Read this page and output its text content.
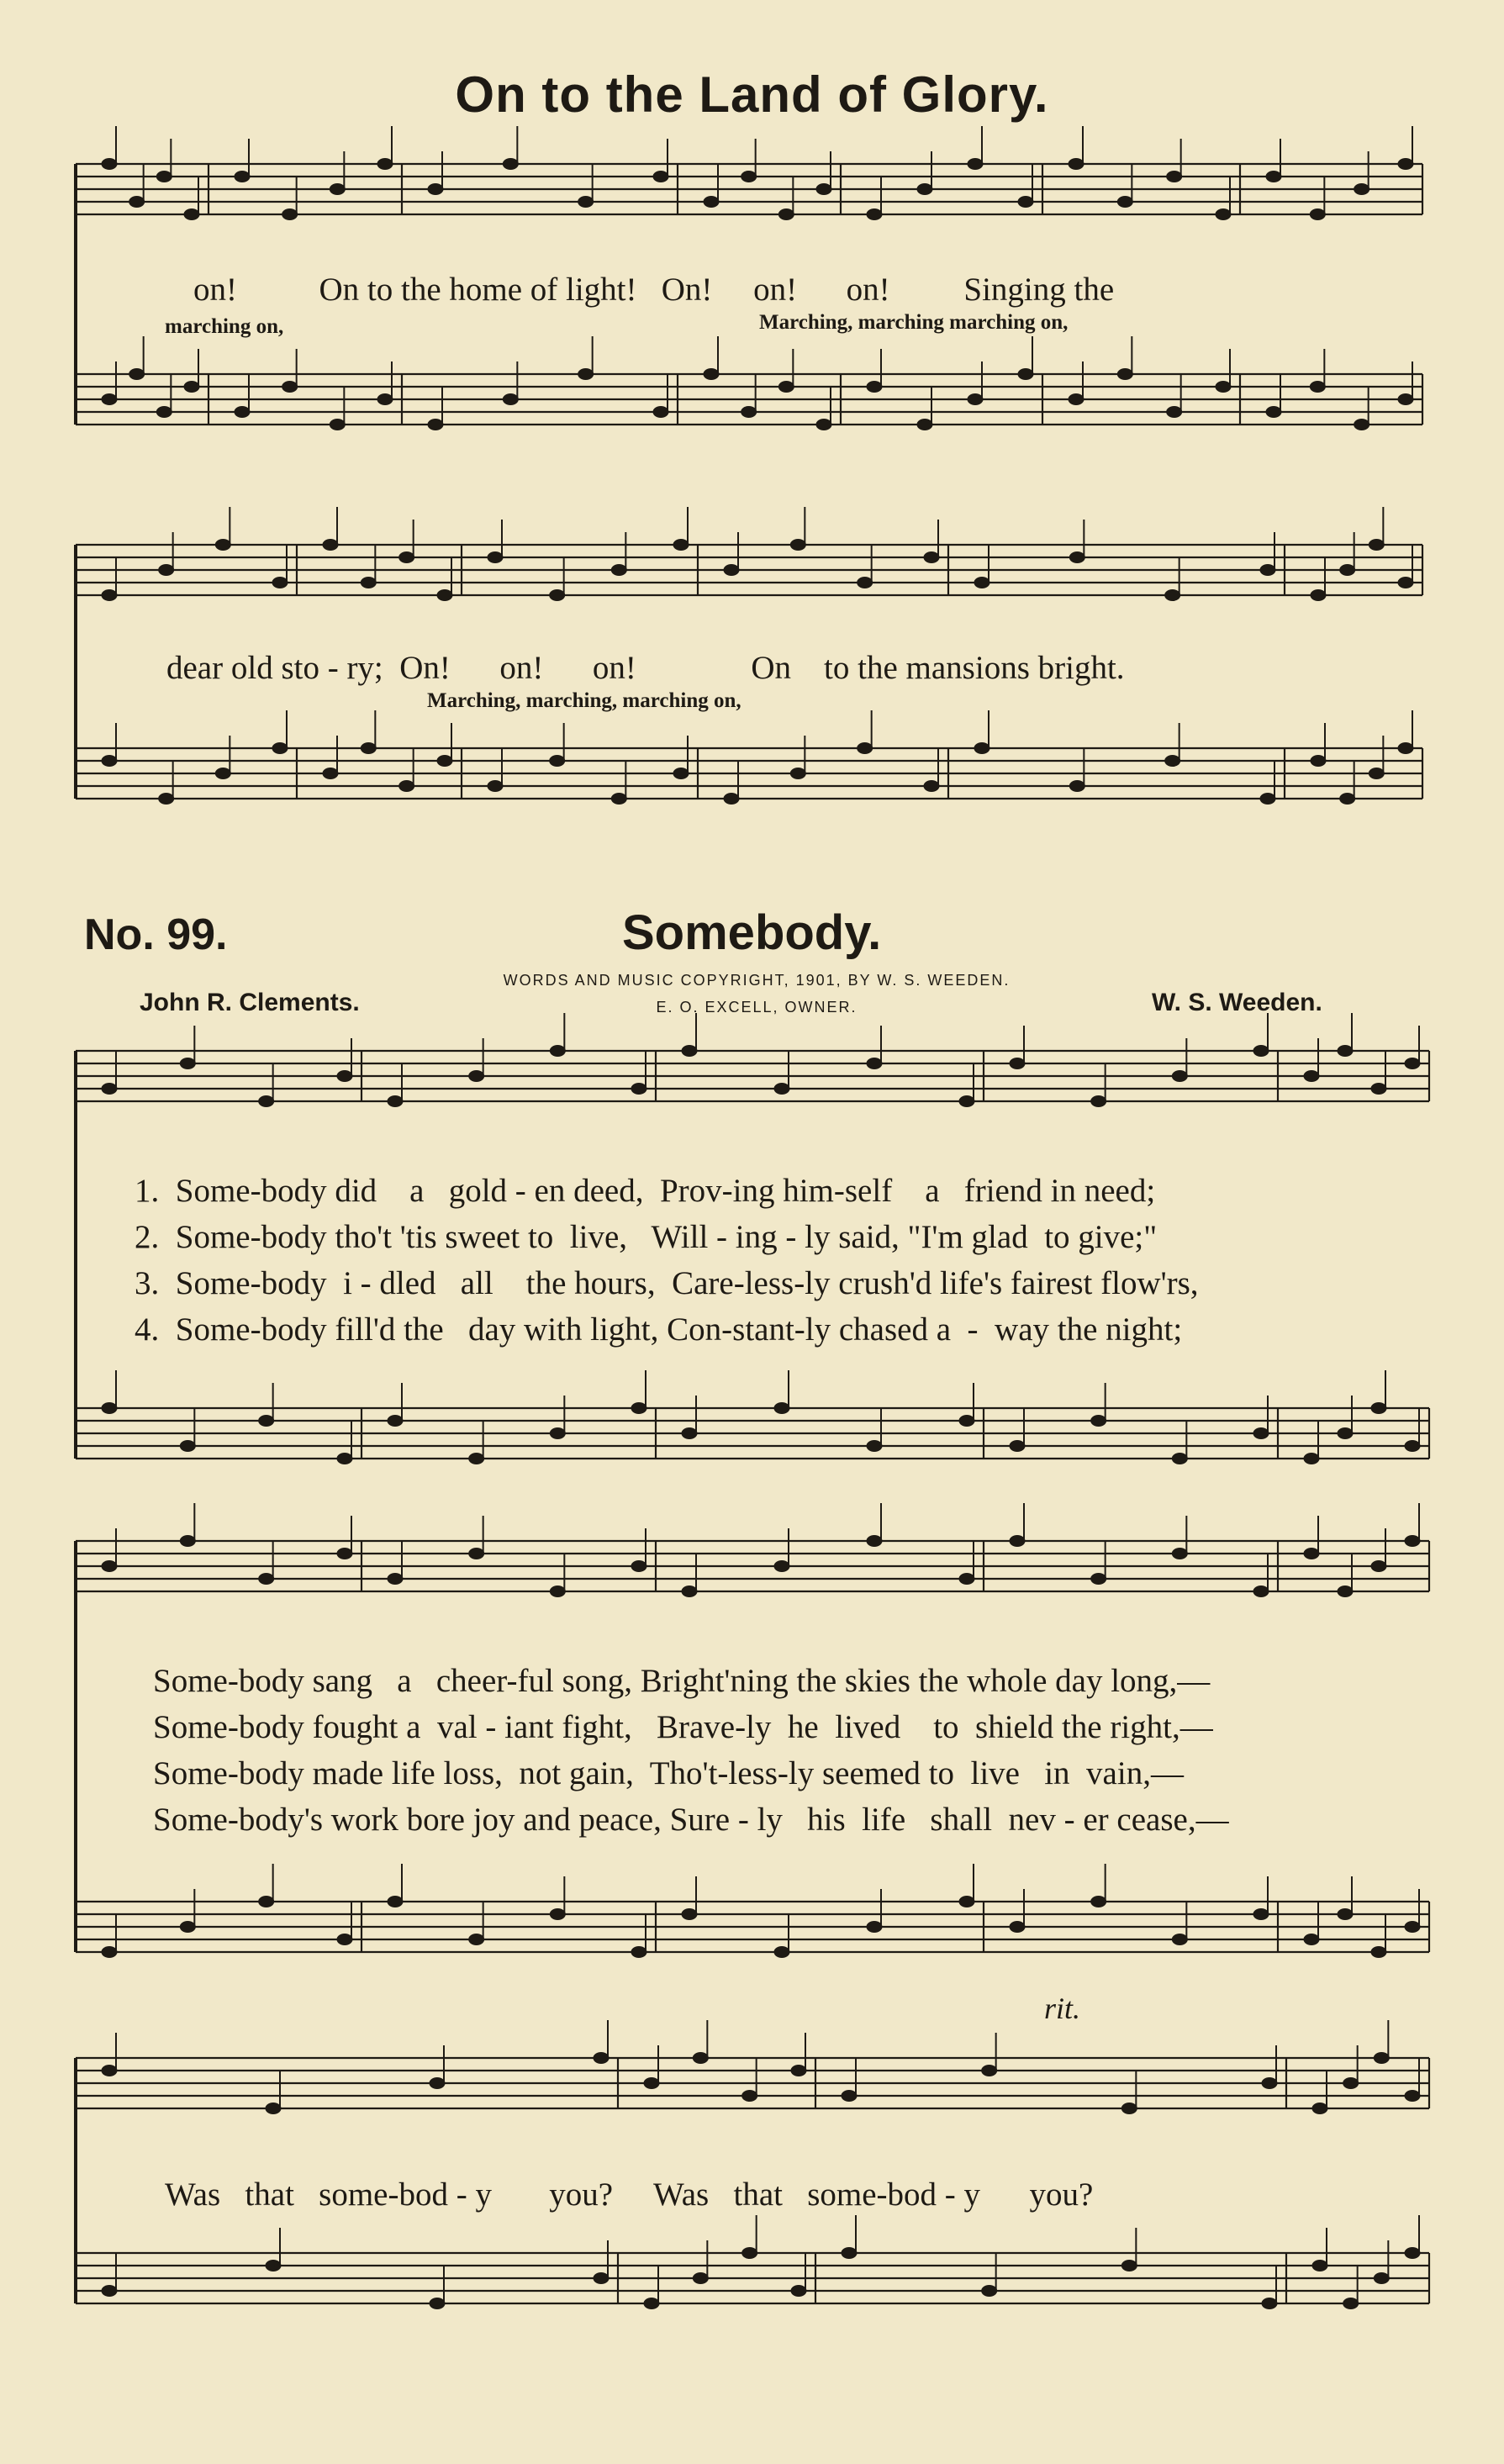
On to the Land of Glory.
on!          On to the home of light!   On!     on!      on!         Singing the
marching on,	Marching, marching marching on,
dear old sto - ry;  On!      on!      on!              On    to the mansions bright.
Marching, marching, marching on,
No. 99.	Somebody.
WORDS AND MUSIC COPYRIGHT, 1901, BY W. S. WEEDEN.
E. O. EXCELL, OWNER.
John R. Clements.	W. S. Weeden.
1.  Some-body did    a   gold - en deed,  Prov-ing him-self    a   friend in need;
2.  Some-body tho't 'tis sweet to  live,   Will - ing - ly said, "I'm glad  to give;"
3.  Some-body  i - dled   all    the hours,  Care-less-ly crush'd life's fairest flow'rs,
4.  Some-body fill'd the   day with light, Con-stant-ly chased a  -  way the night;
Some-body sang   a   cheer-ful song, Bright'ning the skies the whole day long,—
Some-body fought a  val - iant fight,   Brave-ly  he  lived    to  shield the right,—
Some-body made life loss,  not gain,  Tho't-less-ly seemed to  live   in  vain,—
Some-body's work bore joy and peace, Sure - ly   his  life   shall  nev - er cease,—
rit.
Was   that   some-bod - y       you?     Was   that   some-bod - y      you?
